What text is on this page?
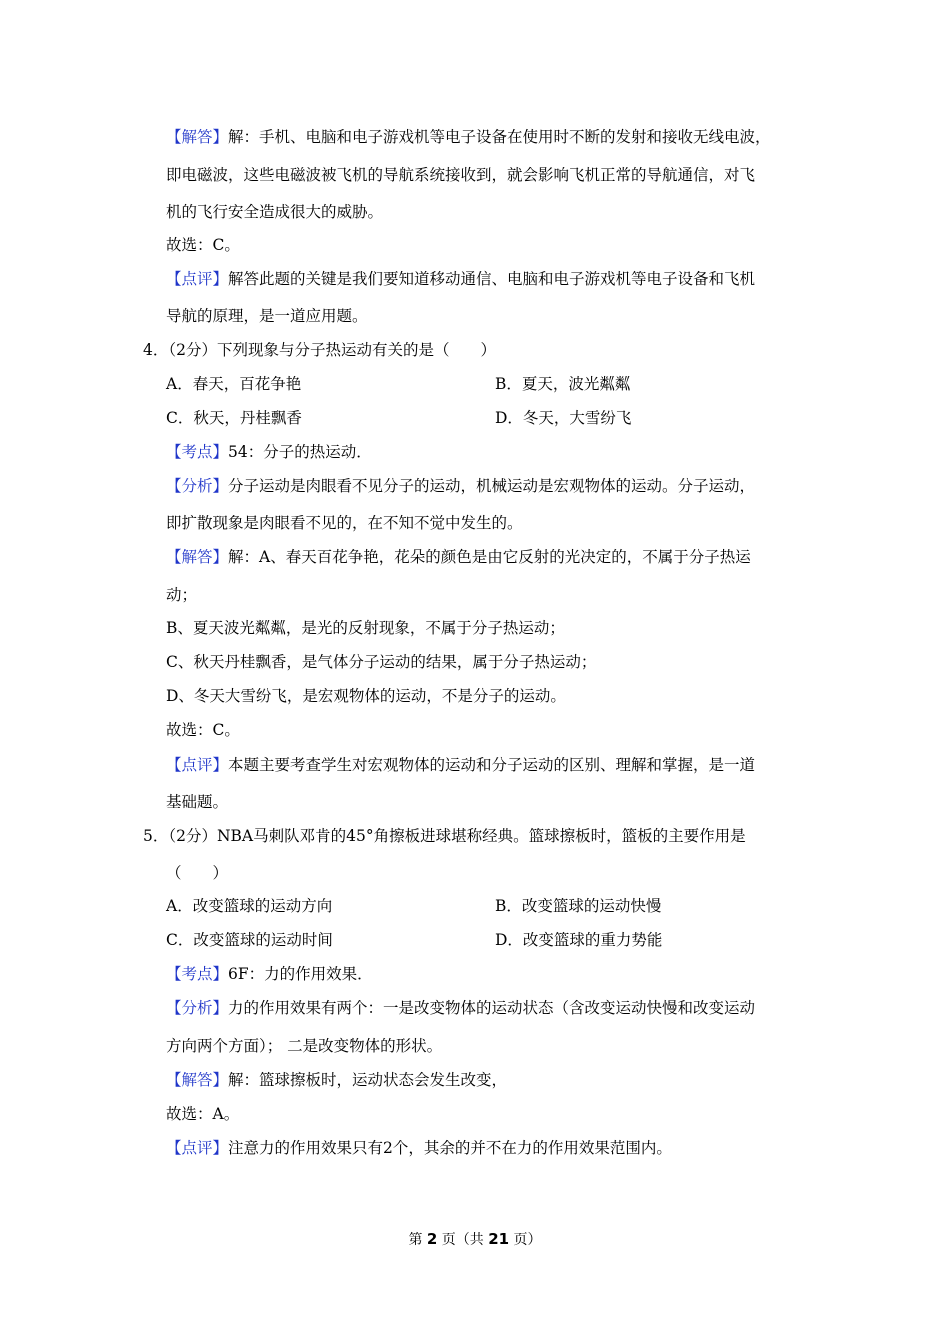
【解答】解：手机、电脑和电子游戏机等电子设备在使用时不断的发射和接收无线电波，
即电磁波，这些电磁波被飞机的导航系统接收到，就会影响飞机正常的导航通信，对飞
机的飞行安全造成很大的威胁。
故选：C。
【点评】解答此题的关键是我们要知道移动通信、电脑和电子游戏机等电子设备和飞机
导航的原理，是一道应用题。
4．（2分）下列现象与分子热运动有关的是（　　）
A．春天，百花争艳	B．夏天，波光粼粼
C．秋天，丹桂飘香	D．冬天，大雪纷飞
【考点】54：分子的热运动．
【分析】分子运动是肉眼看不见分子的运动，机械运动是宏观物体的运动。分子运动，
即扩散现象是肉眼看不见的，在不知不觉中发生的。
【解答】解：A、春天百花争艳，花朵的颜色是由它反射的光决定的，不属于分子热运
动；
B、夏天波光粼粼，是光的反射现象，不属于分子热运动；
C、秋天丹桂飘香，是气体分子运动的结果，属于分子热运动；
D、冬天大雪纷飞，是宏观物体的运动，不是分子的运动。
故选：C。
【点评】本题主要考查学生对宏观物体的运动和分子运动的区别、理解和掌握，是一道
基础题。
5．（2分）NBA马刺队邓肯的45°角擦板进球堪称经典。篮球擦板时，篮板的主要作用是
（　　）
A．改变篮球的运动方向	B．改变篮球的运动快慢
C．改变篮球的运动时间	D．改变篮球的重力势能
【考点】6F：力的作用效果．
【分析】力的作用效果有两个：一是改变物体的运动状态（含改变运动快慢和改变运动
方向两个方面）； 二是改变物体的形状。
【解答】解：篮球擦板时，运动状态会发生改变，
故选：A。
【点评】注意力的作用效果只有2个，其余的并不在力的作用效果范围内。
第 2 页（共 21 页）
